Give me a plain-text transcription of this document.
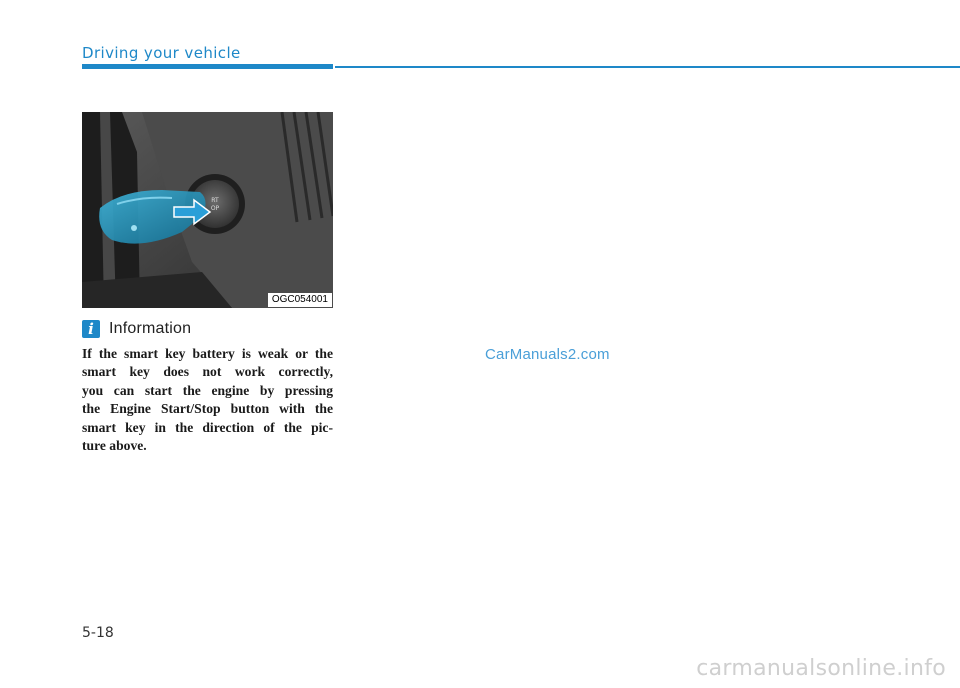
Driving your vehicle
RT
OP
OGC054001
i Information
If the smart key battery is weak or the
smart key does not work correctly,
you can start the engine by pressing
the Engine Start/Stop button with the
smart key in the direction of the pic-
ture above.
CarManuals2.com
5-18
carmanualsonline.info
